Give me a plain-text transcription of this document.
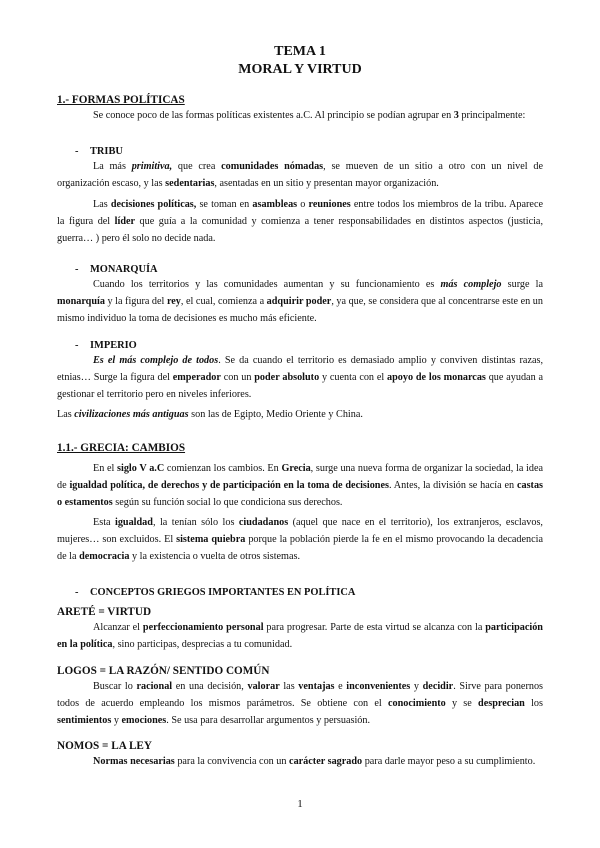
TEMA 1
MORAL Y VIRTUD
1.- FORMAS POLÍTICAS
Se conoce poco de las formas políticas existentes a.C. Al principio se podían agrupar en 3 principalmente:
- TRIBU
La más primitiva, que crea comunidades nómadas, se mueven de un sitio a otro con un nivel de organización escaso, y las sedentarias, asentadas en un sitio y presentan mayor organización.
Las decisiones políticas, se toman en asambleas o reuniones entre todos los miembros de la tribu. Aparece la figura del líder que guía a la comunidad y comienza a tener responsabilidades en distintos aspectos (justicia, guerra… ) pero él solo no decide nada.
- MONARQUÍA
Cuando los territorios y las comunidades aumentan y su funcionamiento es más complejo surge la monarquía y la figura del rey, el cual, comienza a adquirir poder, ya que, se considera que al concentrarse este en un mismo individuo la toma de decisiones es mucho más eficiente.
- IMPERIO
Es el más complejo de todos. Se da cuando el territorio es demasiado amplio y conviven distintas razas, etnias… Surge la figura del emperador con un poder absoluto y cuenta con el apoyo de los monarcas que ayudan a gestionar el territorio pero en niveles inferiores.
Las civilizaciones más antiguas son las de Egipto, Medio Oriente y China.
1.1.- GRECIA: CAMBIOS
En el siglo V a.C comienzan los cambios. En Grecia, surge una nueva forma de organizar la sociedad, la idea de igualdad política, de derechos y de participación en la toma de decisiones. Antes, la división se hacía en castas o estamentos según su función social lo que condiciona sus derechos.
Esta igualdad, la tenían sólo los ciudadanos (aquel que nace en el territorio), los extranjeros, esclavos, mujeres… son excluidos. El sistema quiebra porque la población pierde la fe en el mismo provocando la decadencia de la democracia y la existencia o vuelta de otros sistemas.
- CONCEPTOS GRIEGOS IMPORTANTES EN POLÍTICA
ARETÉ = VIRTUD
Alcanzar el perfeccionamiento personal para progresar. Parte de esta virtud se alcanza con la participación en la política, sino participas, desprecias a tu comunidad.
LOGOS = LA RAZÓN/ SENTIDO COMÚN
Buscar lo racional en una decisión, valorar las ventajas e inconvenientes y decidir. Sirve para ponernos todos de acuerdo empleando los mismos parámetros. Se obtiene con el conocimiento y se desprecian los sentimientos y emociones. Se usa para desarrollar argumentos y persuasión.
NOMOS = LA LEY
Normas necesarias para la convivencia con un carácter sagrado para darle mayor peso a su cumplimiento.
1
